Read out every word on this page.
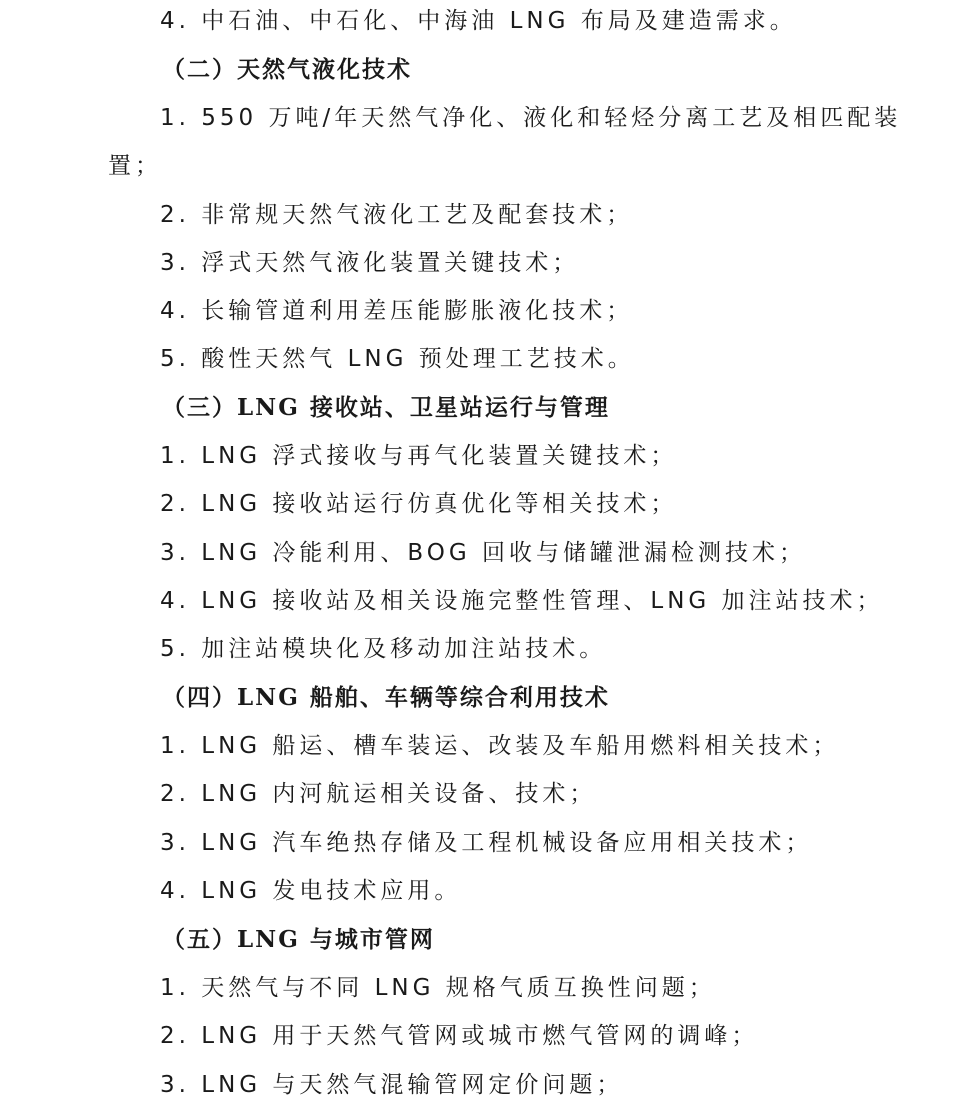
4. 中石油、中石化、中海油 LNG 布局及建造需求。
（二）天然气液化技术
1. 550 万吨/年天然气净化、液化和轻烃分离工艺及相匹配装
置；
2. 非常规天然气液化工艺及配套技术；
3. 浮式天然气液化装置关键技术；
4. 长输管道利用差压能膨胀液化技术；
5. 酸性天然气 LNG 预处理工艺技术。
（三）LNG 接收站、卫星站运行与管理
1. LNG 浮式接收与再气化装置关键技术；
2. LNG 接收站运行仿真优化等相关技术；
3. LNG 冷能利用、BOG 回收与储罐泄漏检测技术；
4. LNG 接收站及相关设施完整性管理、LNG 加注站技术；
5. 加注站模块化及移动加注站技术。
（四）LNG 船舶、车辆等综合利用技术
1. LNG 船运、槽车装运、改装及车船用燃料相关技术；
2. LNG 内河航运相关设备、技术；
3. LNG 汽车绝热存储及工程机械设备应用相关技术；
4. LNG 发电技术应用。
（五）LNG 与城市管网
1. 天然气与不同 LNG 规格气质互换性问题；
2. LNG 用于天然气管网或城市燃气管网的调峰；
3. LNG 与天然气混输管网定价问题；
